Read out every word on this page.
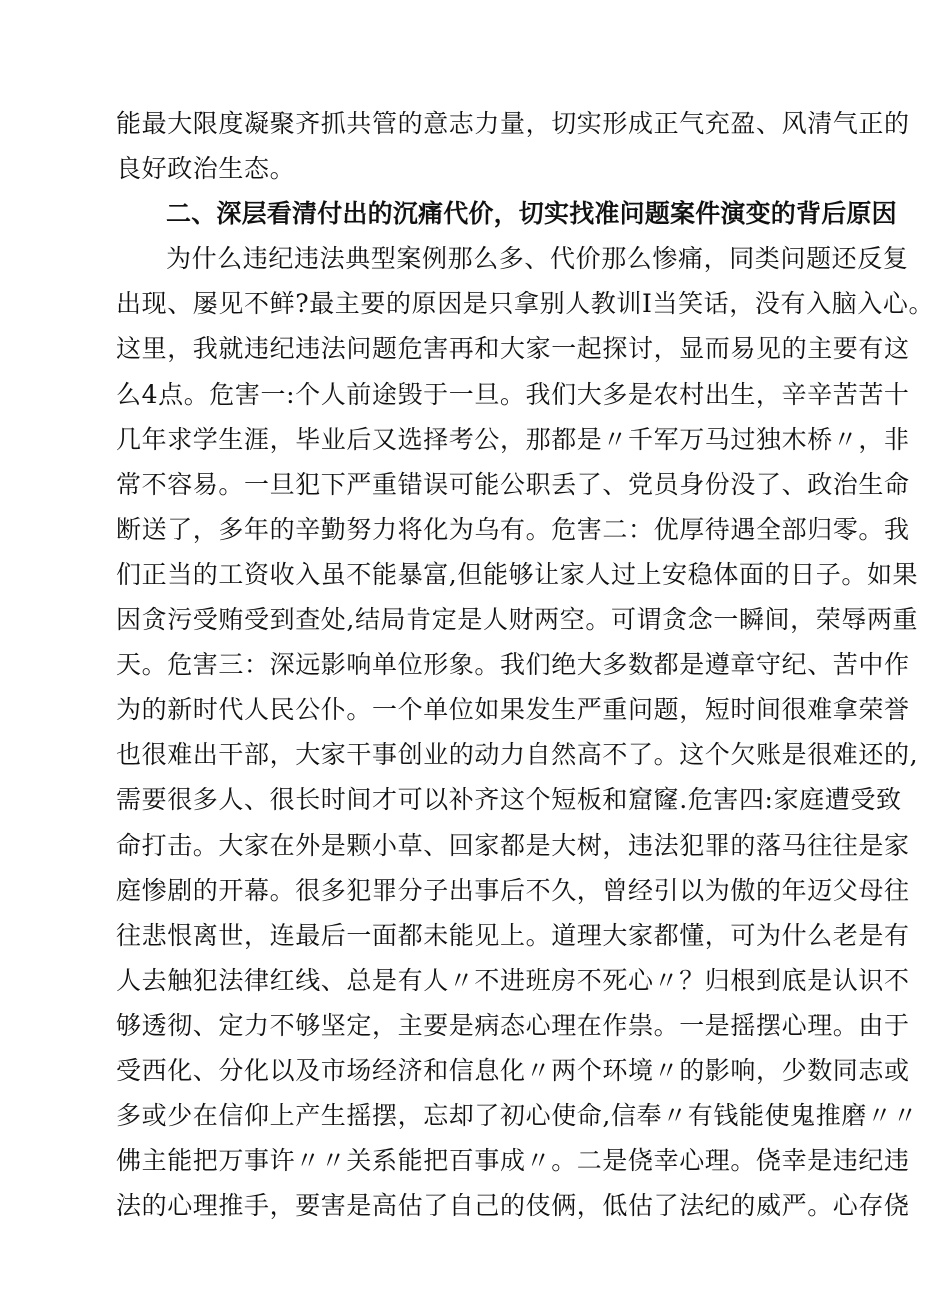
能最大限度凝聚齐抓共管的意志力量，切实形成正气充盈、风清气正的
良好政治生态。
二、深层看清付出的沉痛代价，切实找准问题案件演变的背后原因
为什么违纪违法典型案例那么多、代价那么惨痛，同类问题还反复
出现、屡见不鲜?最主要的原因是只拿别人教训I当笑话，没有入脑入心。
这里，我就违纪违法问题危害再和大家一起探讨，显而易见的主要有这
么4点。危害一:个人前途毁于一旦。我们大多是农村出生，辛辛苦苦十
几年求学生涯，毕业后又选择考公，那都是〃千军万马过独木桥〃，非
常不容易。一旦犯下严重错误可能公职丢了、党员身份没了、政治生命
断送了，多年的辛勤努力将化为乌有。危害二：优厚待遇全部归零。我
们正当的工资收入虽不能暴富,但能够让家人过上安稳体面的日子。如果
因贪污受贿受到查处,结局肯定是人财两空。可谓贪念一瞬间，荣辱两重
天。危害三：深远影响单位形象。我们绝大多数都是遵章守纪、苦中作
为的新时代人民公仆。一个单位如果发生严重问题，短时间很难拿荣誉
也很难出干部，大家干事创业的动力自然高不了。这个欠账是很难还的,
需要很多人、很长时间才可以补齐这个短板和窟窿.危害四:家庭遭受致
命打击。大家在外是颗小草、回家都是大树，违法犯罪的落马往往是家
庭惨剧的开幕。很多犯罪分子出事后不久，曾经引以为傲的年迈父母往
往悲恨离世，连最后一面都未能见上。道理大家都懂，可为什么老是有
人去触犯法律红线、总是有人〃不进班房不死心〃？归根到底是认识不
够透彻、定力不够坚定，主要是病态心理在作祟。一是摇摆心理。由于
受西化、分化以及市场经济和信息化〃两个环境〃的影响，少数同志或
多或少在信仰上产生摇摆，忘却了初心使命,信奉〃有钱能使鬼推磨〃〃
佛主能把万事许〃〃关系能把百事成〃。二是侥幸心理。侥幸是违纪违
法的心理推手，要害是高估了自己的伎俩，低估了法纪的威严。心存侥
